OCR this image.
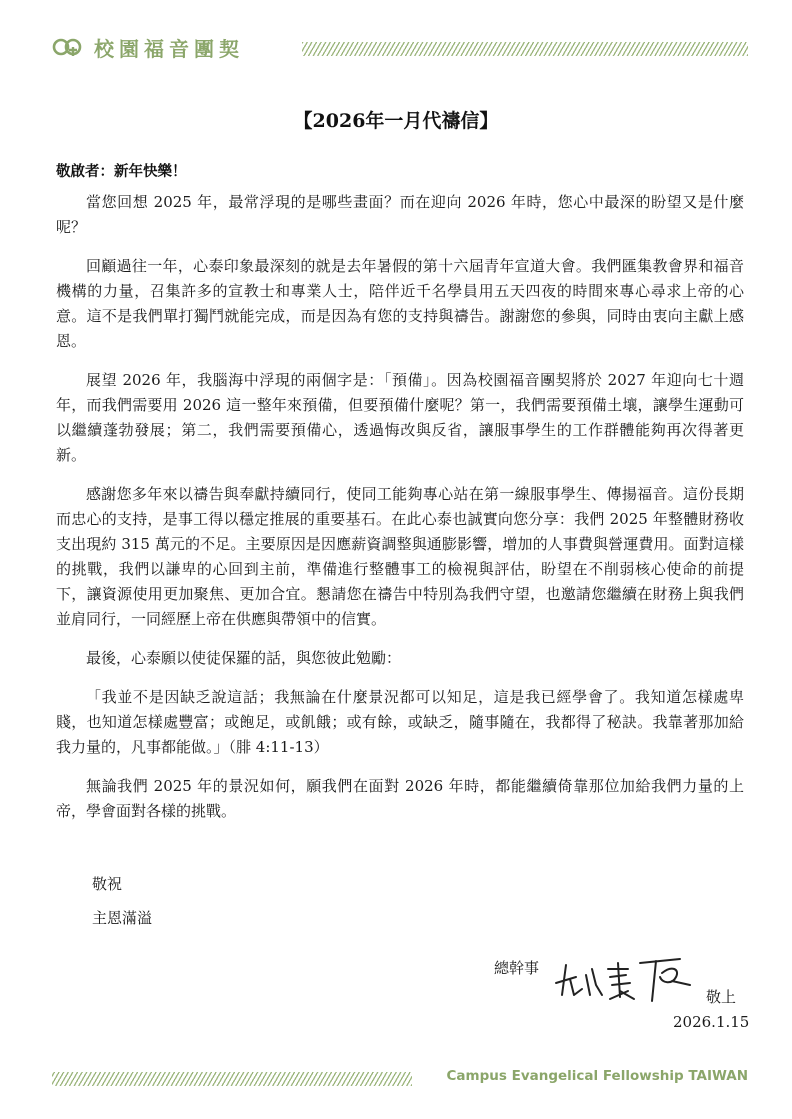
校園福音團契
【2026年一月代禱信】
敬啟者：新年快樂！

當您回想 2025 年，最常浮現的是哪些畫面？而在迎向 2026 年時，您心中最深的盼望又是什麼呢？

回顧過往一年，心泰印象最深刻的就是去年暑假的第十六屆青年宣道大會。我們匯集教會界和福音機構的力量，召集許多的宣教士和專業人士，陪伴近千名學員用五天四夜的時間來專心尋求上帝的心意。這不是我們單打獨鬥就能完成，而是因為有您的支持與禱告。謝謝您的參與，同時由衷向主獻上感恩。

展望 2026 年，我腦海中浮現的兩個字是：「預備」。因為校園福音團契將於 2027 年迎向七十週年，而我們需要用 2026 這一整年來預備，但要預備什麼呢？第一，我們需要預備土壤，讓學生運動可以繼續蓬勃發展；第二，我們需要預備心，透過悔改與反省，讓服事學生的工作群體能夠再次得著更新。

感謝您多年來以禱告與奉獻持續同行，使同工能夠專心站在第一線服事學生、傳揚福音。這份長期而忠心的支持，是事工得以穩定推展的重要基石。在此心泰也誠實向您分享：我們 2025 年整體財務收支出現約 315 萬元的不足。主要原因是因應薪資調整與通膨影響，增加的人事費與營運費用。面對這樣的挑戰，我們以謙卑的心回到主前，準備進行整體事工的檢視與評估，盼望在不削弱核心使命的前提下，讓資源使用更加聚焦、更加合宜。懇請您在禱告中特別為我們守望，也邀請您繼續在財務上與我們並肩同行，一同經歷上帝在供應與帶領中的信實。

最後，心泰願以使徒保羅的話，與您彼此勉勵：

「我並不是因缺乏說這話；我無論在什麼景況都可以知足，這是我已經學會了。我知道怎樣處卑賤，也知道怎樣處豐富；或飽足，或飢餓；或有餘，或缺乏，隨事隨在，我都得了秘訣。我靠著那加給我力量的，凡事都能做。」（腓 4:11-13）

無論我們 2025 年的景況如何，願我們在面對 2026 年時，都能繼續倚靠那位加給我們力量的上帝，學會面對各樣的挑戰。

敬祝
主恩滿溢
總幹事
敬上
2026.1.15
Campus Evangelical Fellowship TAIWAN
